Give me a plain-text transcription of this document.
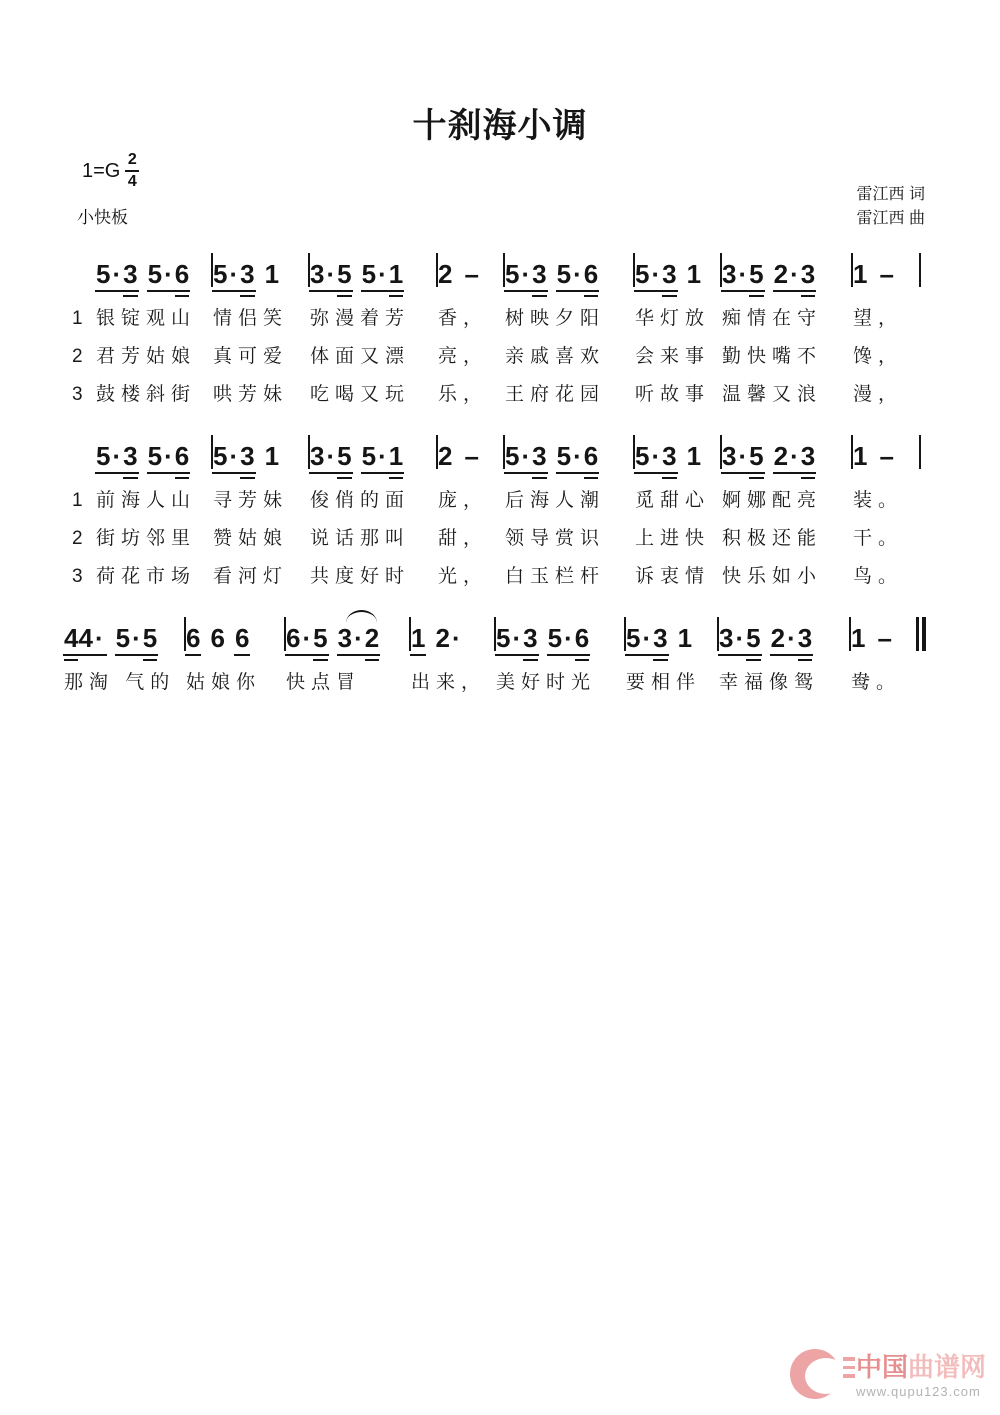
十刹海小调
$1=G \frac{2}{4}$
小快板
雷江西 词
雷江西 曲
5 · 3 5 · 6 5 · 3 1 3 · 5 5 · 1 2 – 5 · 3 5 · 6 5 · 3 1 3 · 5 2 · 3 1 –
1 银锭观山 情侣笑	弥漫着芳	香， 树映夕阳	华灯放 痴情在守	望，
2 君芳姑娘 真可爱	体面又漂	亮， 亲戚喜欢	会来事 勤快嘴不	馋，
3 鼓楼斜街 哄芳妹	吃喝又玩	乐， 王府花园	听故事 温馨又浪	漫，
5 · 3 5 · 6 5 · 3 1 3 · 5 5 · 1 2 – 5 · 3 5 · 6 5 · 3 1 3 · 5 2 · 3 1 –
1 前海人山 寻芳妹	俊俏的面	庞， 后海人潮	觅甜心 婀娜配亮	装。
2 街坊邻里 赞姑娘	说话那叫	甜， 领导赏识	上进快 积极还能	干。
3 荷花市场 看河灯	共度好时	光， 白玉栏杆	诉衷情 快乐如小	鸟。
4 4 · 5 · 5 6 6 6 6 · 5 3 · 2 1 2 · 5 · 3 5 · 6 5 · 3 1 3 · 5 2 · 3 1 –
那淘 气的 姑娘你	快点冒	出来， 美好时光	要相伴 幸福像鸳	鸯。
中国曲谱网
www.qupu123.com
